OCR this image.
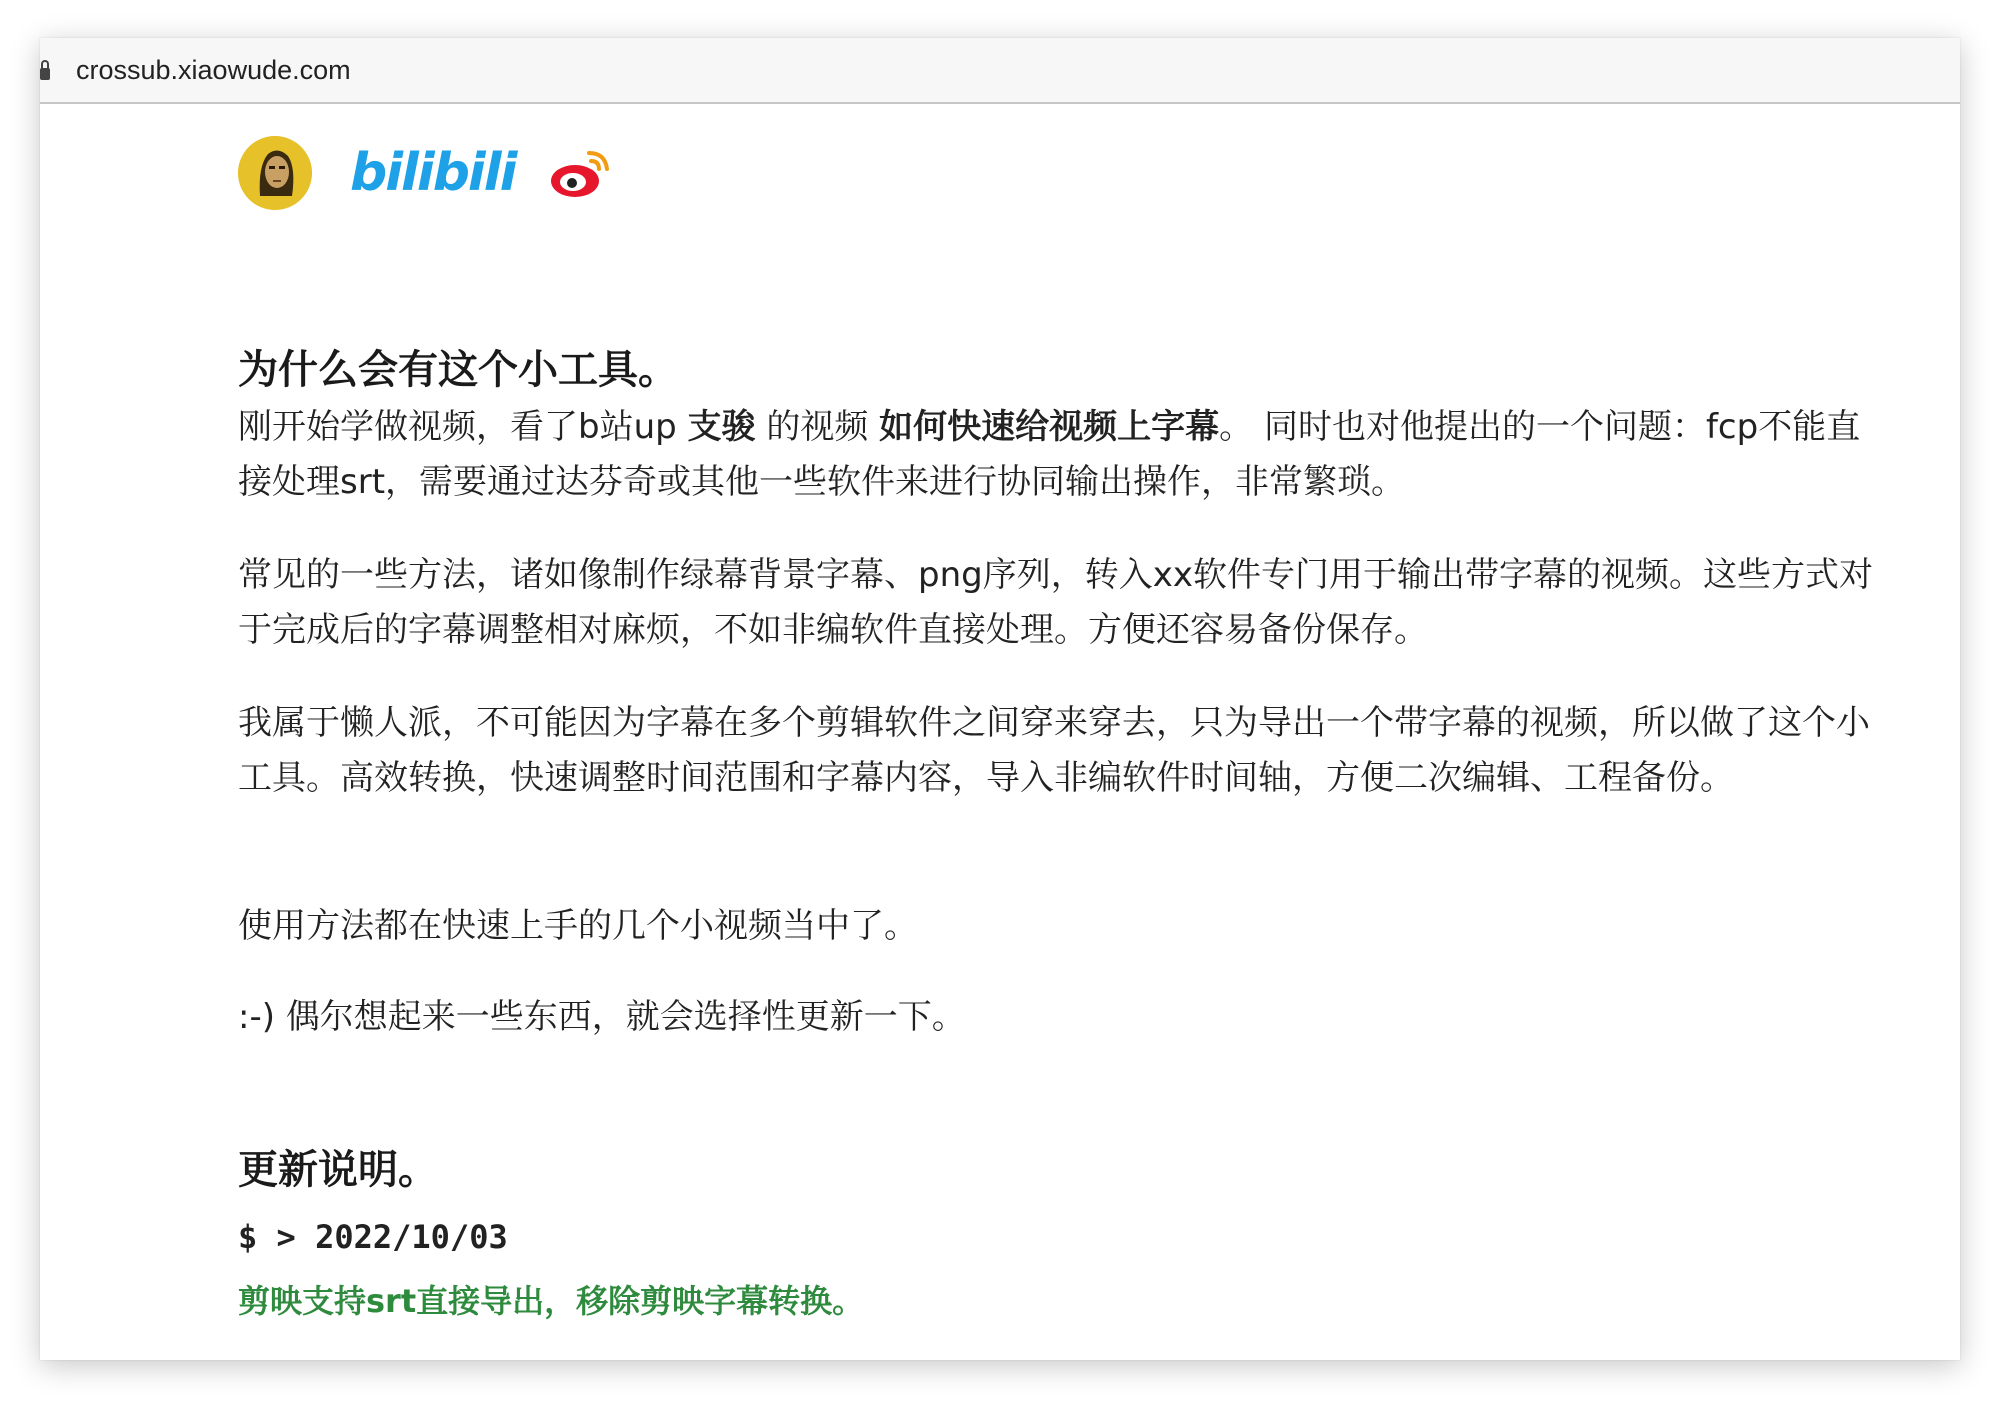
crossub.xiaowude.com
bilibili
为什么会有这个小工具。
刚开始学做视频，看了b站up 支骏 的视频 如何快速给视频上字幕。 同时也对他提出的一个问题：fcp不能直接处理srt，需要通过达芬奇或其他一些软件来进行协同输出操作，非常繁琐。
常见的一些方法，诸如像制作绿幕背景字幕、png序列，转入xx软件专门用于输出带字幕的视频。这些方式对于完成后的字幕调整相对麻烦，不如非编软件直接处理。方便还容易备份保存。
我属于懒人派，不可能因为字幕在多个剪辑软件之间穿来穿去，只为导出一个带字幕的视频，所以做了这个小工具。高效转换，快速调整时间范围和字幕内容，导入非编软件时间轴，方便二次编辑、工程备份。
使用方法都在快速上手的几个小视频当中了。
:-) 偶尔想起来一些东西，就会选择性更新一下。
更新说明。
$ > 2022/10/03
剪映支持srt直接导出，移除剪映字幕转换。
